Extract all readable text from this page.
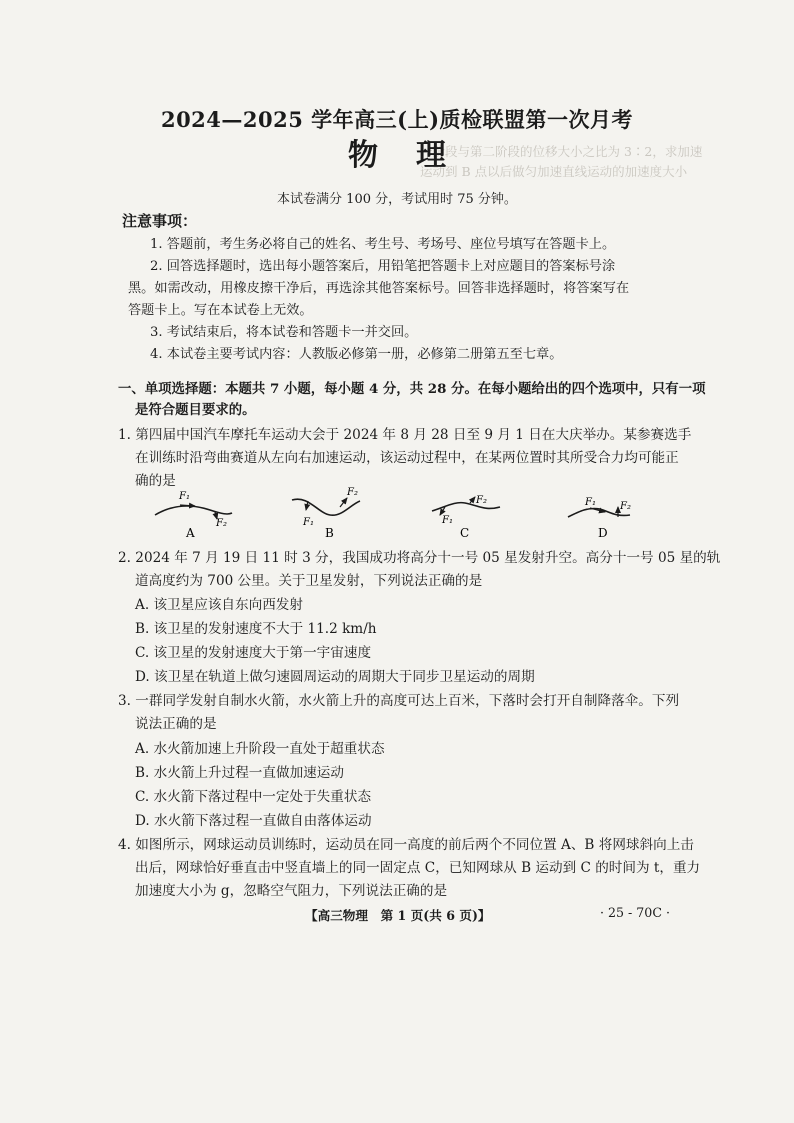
一阶段与第二阶段的位移大小之比为 3∶2，求加速
运动到 B 点以后做匀加速直线运动的加速度大小
2024—2025 学年高三(上)质检联盟第一次月考
物理
本试卷满分 100 分，考试用时 75 分钟。
注意事项：
1. 答题前，考生务必将自己的姓名、考生号、考场号、座位号填写在答题卡上。
2. 回答选择题时，选出每小题答案后，用铅笔把答题卡上对应题目的答案标号涂
黑。如需改动，用橡皮擦干净后，再选涂其他答案标号。回答非选择题时，将答案写在
答题卡上。写在本试卷上无效。
3. 考试结束后，将本试卷和答题卡一并交回。
4. 本试卷主要考试内容：人教版必修第一册，必修第二册第五至七章。
一、单项选择题：本题共 7 小题，每小题 4 分，共 28 分。在每小题给出的四个选项中，只有一项
是符合题目要求的。
1. 第四届中国汽车摩托车运动大会于 2024 年 8 月 28 日至 9 月 1 日在大庆举办。某参赛选手
在训练时沿弯曲赛道从左向右加速运动，该运动过程中，在某两位置时其所受合力均可能正
确的是
F₁
F₂
A
F₁
F₂
B
F₁
F₂
C
F₁ F₂
D
2. 2024 年 7 月 19 日 11 时 3 分，我国成功将高分十一号 05 星发射升空。高分十一号 05 星的轨
道高度约为 700 公里。关于卫星发射，下列说法正确的是
A. 该卫星应该自东向西发射
B. 该卫星的发射速度不大于 11.2 km/h
C. 该卫星的发射速度大于第一宇宙速度
D. 该卫星在轨道上做匀速圆周运动的周期大于同步卫星运动的周期
3. 一群同学发射自制水火箭，水火箭上升的高度可达上百米，下落时会打开自制降落伞。下列
说法正确的是
A. 水火箭加速上升阶段一直处于超重状态
B. 水火箭上升过程一直做加速运动
C. 水火箭下落过程中一定处于失重状态
D. 水火箭下落过程一直做自由落体运动
4. 如图所示，网球运动员训练时，运动员在同一高度的前后两个不同位置 A、B 将网球斜向上击
出后，网球恰好垂直击中竖直墙上的同一固定点 C，已知网球从 B 运动到 C 的时间为 t，重力
加速度大小为 g，忽略空气阻力，下列说法正确的是
【高三物理　第 1 页(共 6 页)】	· 25 - 70C ·
